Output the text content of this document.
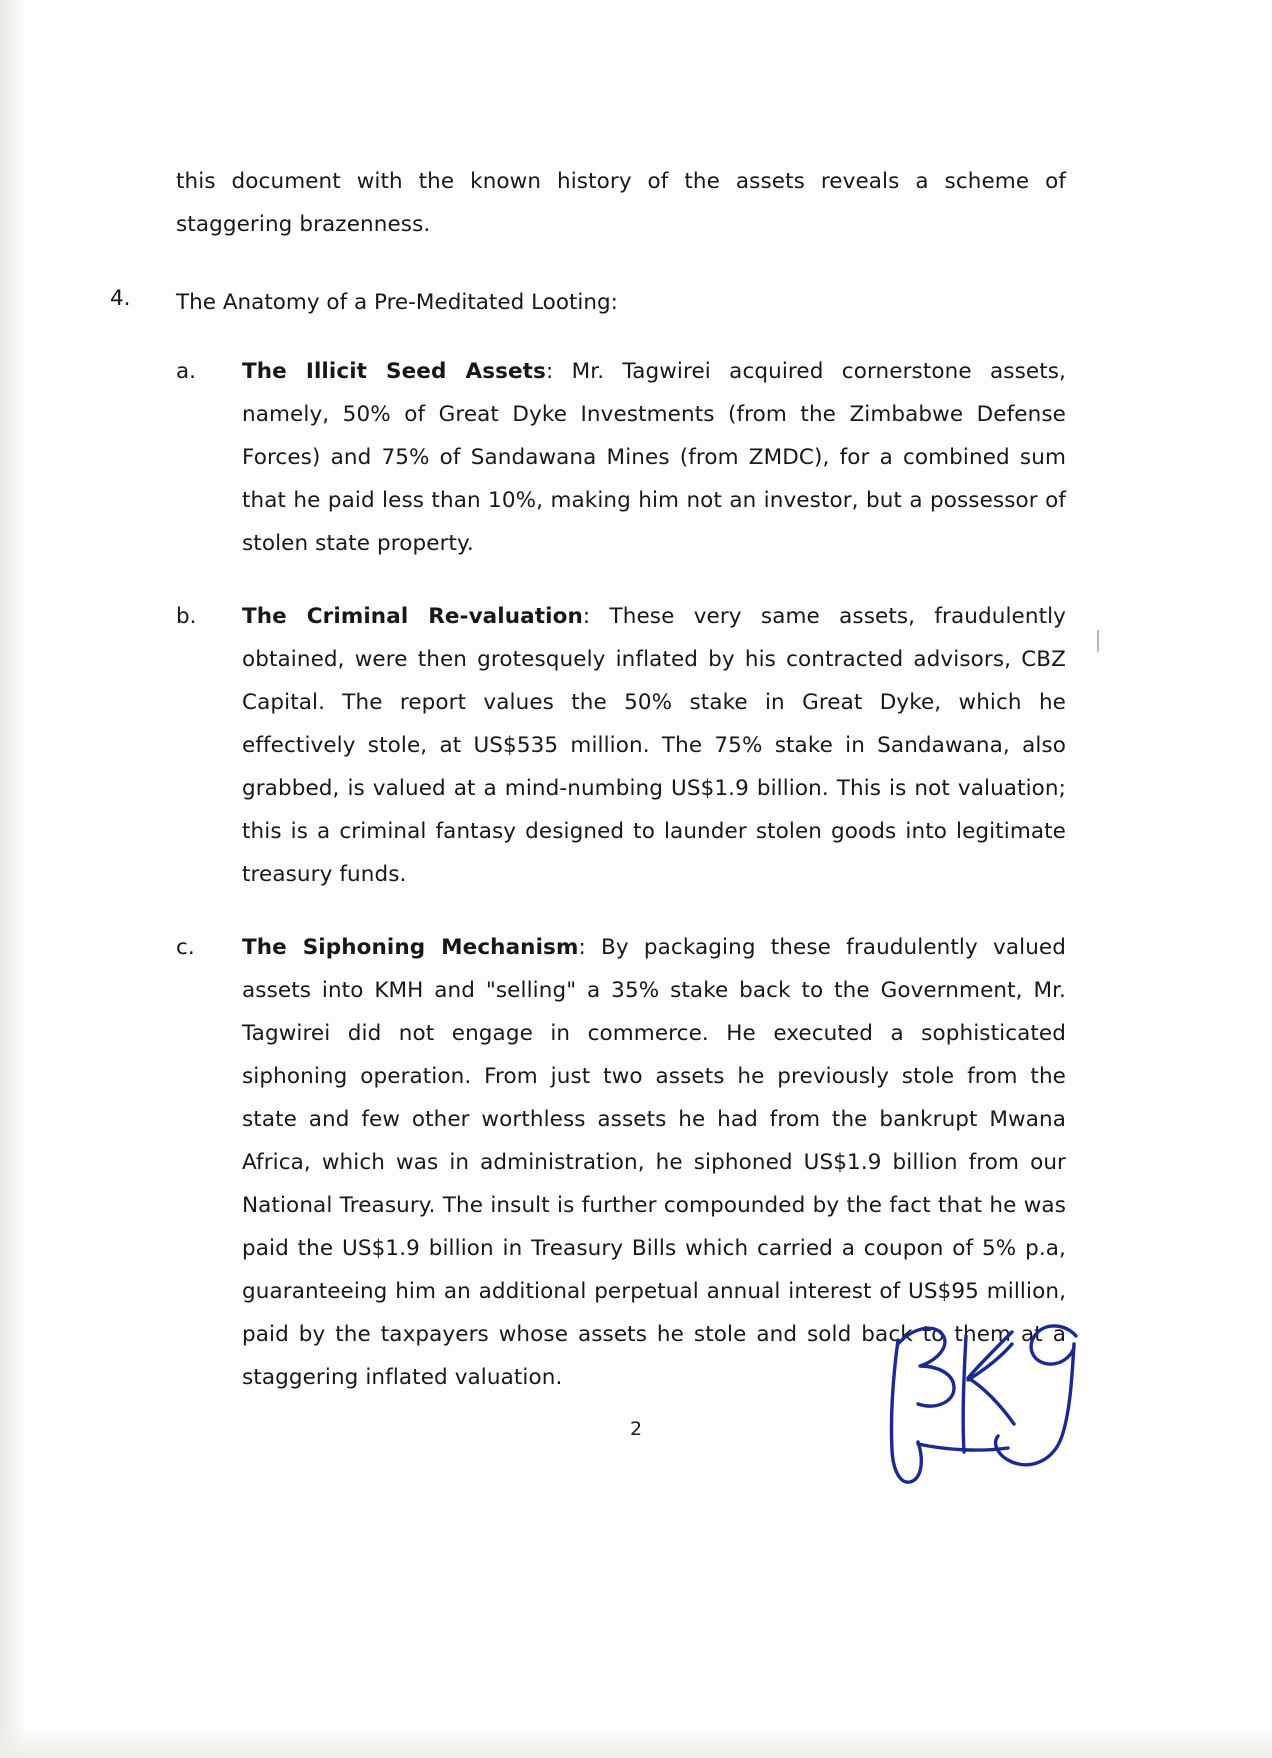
this document with the known history of the assets reveals a scheme of staggering brazenness.
4. The Anatomy of a Pre-Meditated Looting:
a. The Illicit Seed Assets: Mr. Tagwirei acquired cornerstone assets, namely, 50% of Great Dyke Investments (from the Zimbabwe Defense Forces) and 75% of Sandawana Mines (from ZMDC), for a combined sum that he paid less than 10%, making him not an investor, but a possessor of stolen state property.
b. The Criminal Re-valuation: These very same assets, fraudulently obtained, were then grotesquely inflated by his contracted advisors, CBZ Capital. The report values the 50% stake in Great Dyke, which he effectively stole, at US$535 million. The 75% stake in Sandawana, also grabbed, is valued at a mind-numbing US$1.9 billion. This is not valuation; this is a criminal fantasy designed to launder stolen goods into legitimate treasury funds.
c. The Siphoning Mechanism: By packaging these fraudulently valued assets into KMH and "selling" a 35% stake back to the Government, Mr. Tagwirei did not engage in commerce. He executed a sophisticated siphoning operation. From just two assets he previously stole from the state and few other worthless assets he had from the bankrupt Mwana Africa, which was in administration, he siphoned US$1.9 billion from our National Treasury. The insult is further compounded by the fact that he was paid the US$1.9 billion in Treasury Bills which carried a coupon of 5% p.a, guaranteeing him an additional perpetual annual interest of US$95 million, paid by the taxpayers whose assets he stole and sold back to them at a staggering inflated valuation.
2
